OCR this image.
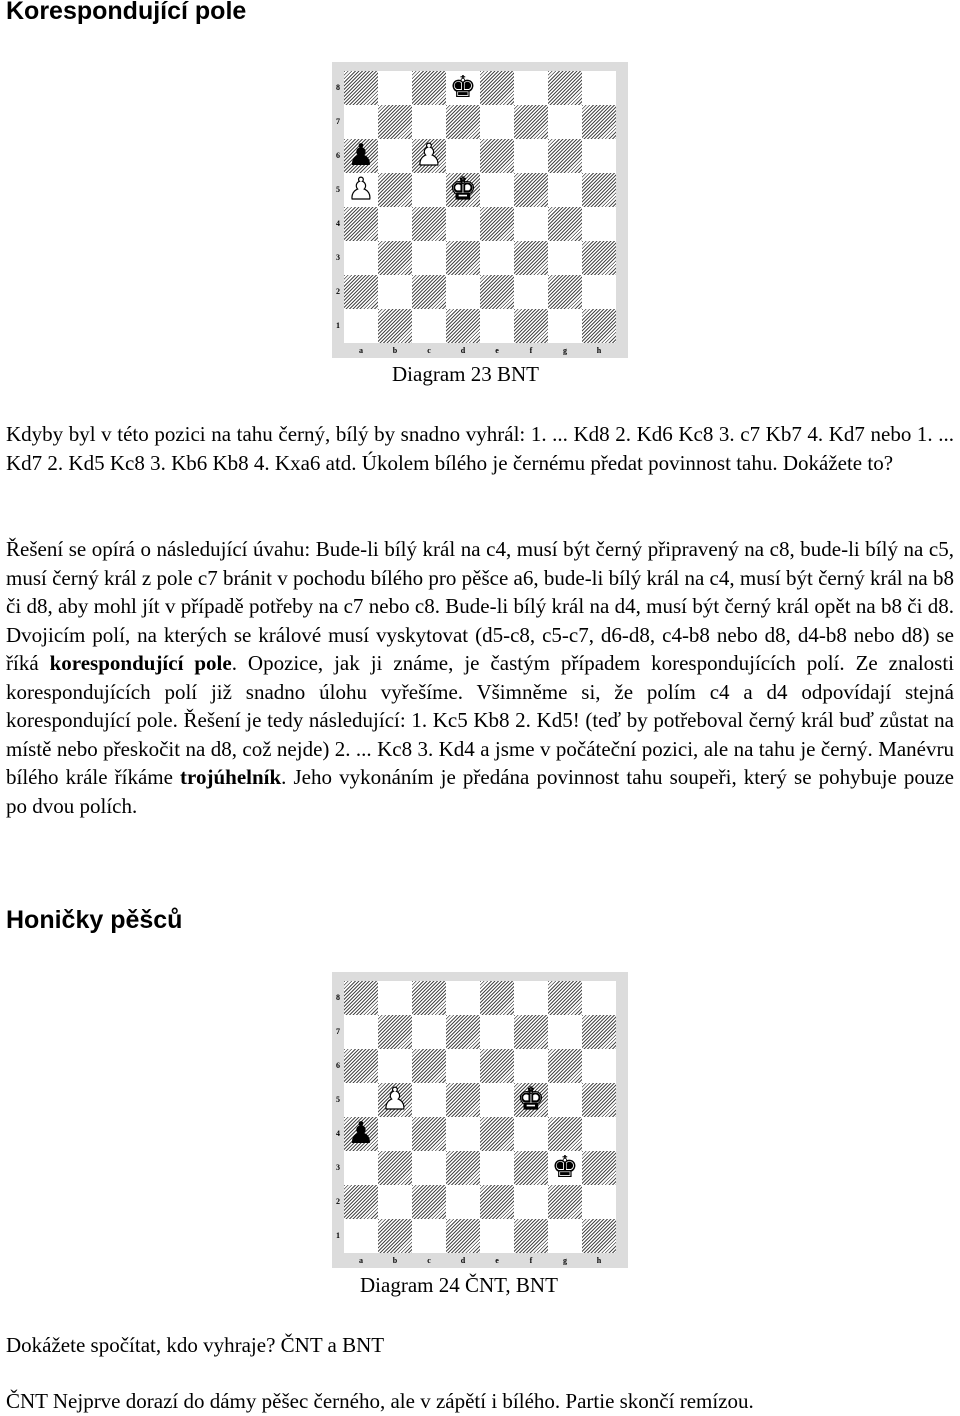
Korespondující pole
♚
♟ ♟
♟	♚
8
7
6
5
4
3
2
1
a	b	c	d	e	f	g	h

Diagram 23 BNT

Kdyby byl v této pozici na tahu černý, bílý by snadno vyhrál: 1. ... Kd8 2. Kd6 Kc8 3. c7 Kb7 4. Kd7 nebo 1. ... Kd7 2. Kd5 Kc8 3. Kb6 Kb8 4. Kxa6 atd. Úkolem bílého je černému předat povinnost tahu. Dokážete to?

Řešení se opírá o následující úvahu: Bude-li bílý král na c4, musí být černý připravený na c8, bude-li bílý na c5, musí černý král z pole c7 bránit v pochodu bílého pro pěšce a6, bude-li bílý král na c4, musí být černý král na b8 či d8, aby mohl jít v případě potřeby na c7 nebo c8. Bude-li bílý král na d4, musí být černý král opět na b8 či d8. Dvojicím polí, na kterých se králové musí vyskytovat (d5-c8, c5-c7, d6-d8, c4-b8 nebo d8, d4-b8 nebo d8) se říká korespondující pole. Opozice, jak ji známe, je častým případem korespondujících polí. Ze znalosti korespondujících polí již snadno úlohu vyřešíme. Všimněme si, že polím c4 a d4 odpovídají stejná korespondující pole. Řešení je tedy následující: 1. Kc5 Kb8 2. Kd5! (teď by potřeboval černý král buď zůstat na místě nebo přeskočit na d8, což nejde) 2. ... Kc8 3. Kd4 a jsme v počáteční pozici, ale na tahu je černý. Manévru bílého krále říkáme trojúhelník. Jeho vykonáním je předána povinnost tahu soupeři, který se pohybuje pouze po dvou polích.

Honičky pěšců
♟	♚
♟
♚
8
7
6
5
4
3
2
1
a	b	c	d	e	f	g	h

Diagram 24 ČNT, BNT

Dokážete spočítat, kdo vyhraje? ČNT a BNT

ČNT Nejprve dorazí do dámy pěšec černého, ale v zápětí i bílého. Partie skončí remízou.
